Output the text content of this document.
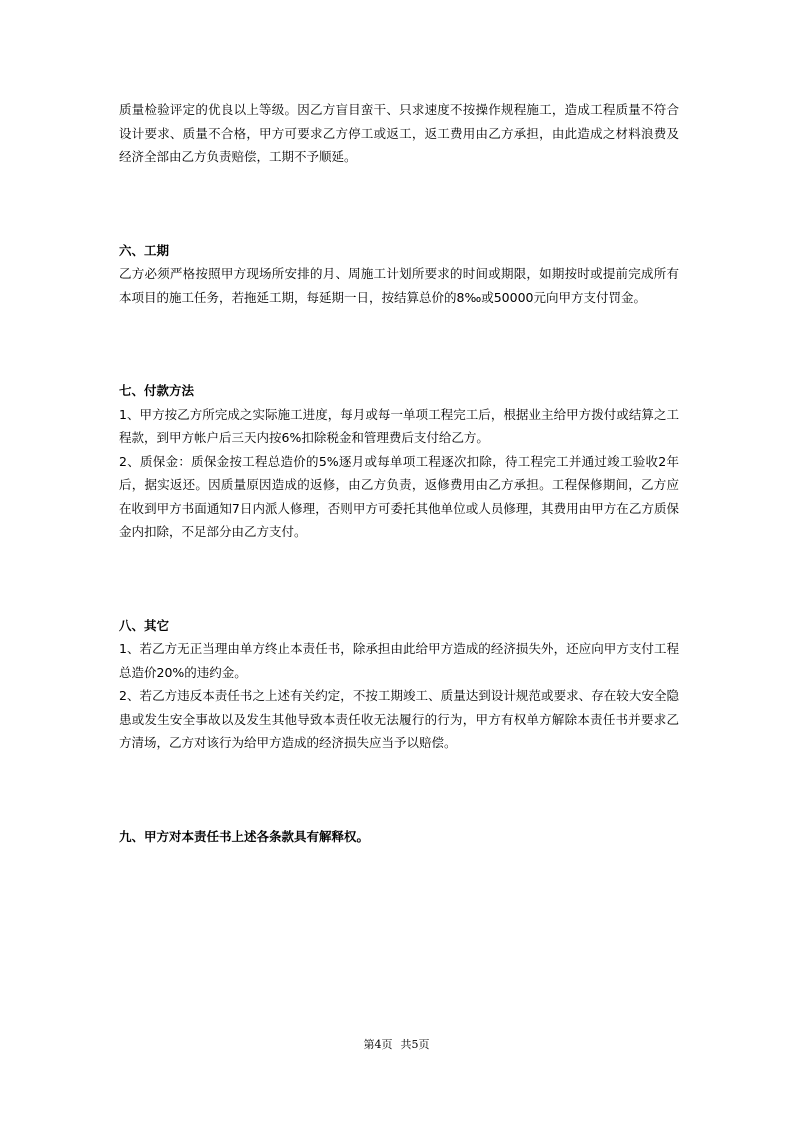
质量检验评定的优良以上等级。因乙方盲目蛮干、只求速度不按操作规程施工，造成工程质量不符合设计要求、质量不合格，甲方可要求乙方停工或返工，返工费用由乙方承担，由此造成之材料浪费及经济全部由乙方负责赔偿，工期不予顺延。

六、工期

乙方必须严格按照甲方现场所安排的月、周施工计划所要求的时间或期限，如期按时或提前完成所有本项目的施工任务，若拖延工期，每延期一日，按结算总价的8‰或50000元向甲方支付罚金。

七、付款方法

1、甲方按乙方所完成之实际施工进度，每月或每一单项工程完工后，根据业主给甲方拨付或结算之工程款，到甲方帐户后三天内按6%扣除税金和管理费后支付给乙方。

2、质保金：质保金按工程总造价的5%逐月或每单项工程逐次扣除，待工程完工并通过竣工验收2年后，据实返还。因质量原因造成的返修，由乙方负责，返修费用由乙方承担。工程保修期间，乙方应在收到甲方书面通知7日内派人修理，否则甲方可委托其他单位或人员修理，其费用由甲方在乙方质保金内扣除，不足部分由乙方支付。

八、其它

1、若乙方无正当理由单方终止本责任书，除承担由此给甲方造成的经济损失外，还应向甲方支付工程总造价20%的违约金。

2、若乙方违反本责任书之上述有关约定，不按工期竣工、质量达到设计规范或要求、存在较大安全隐患或发生安全事故以及发生其他导致本责任收无法履行的行为，甲方有权单方解除本责任书并要求乙方清场，乙方对该行为给甲方造成的经济损失应当予以赔偿。

九、甲方对本责任书上述各条款具有解释权。

第4页 共5页
